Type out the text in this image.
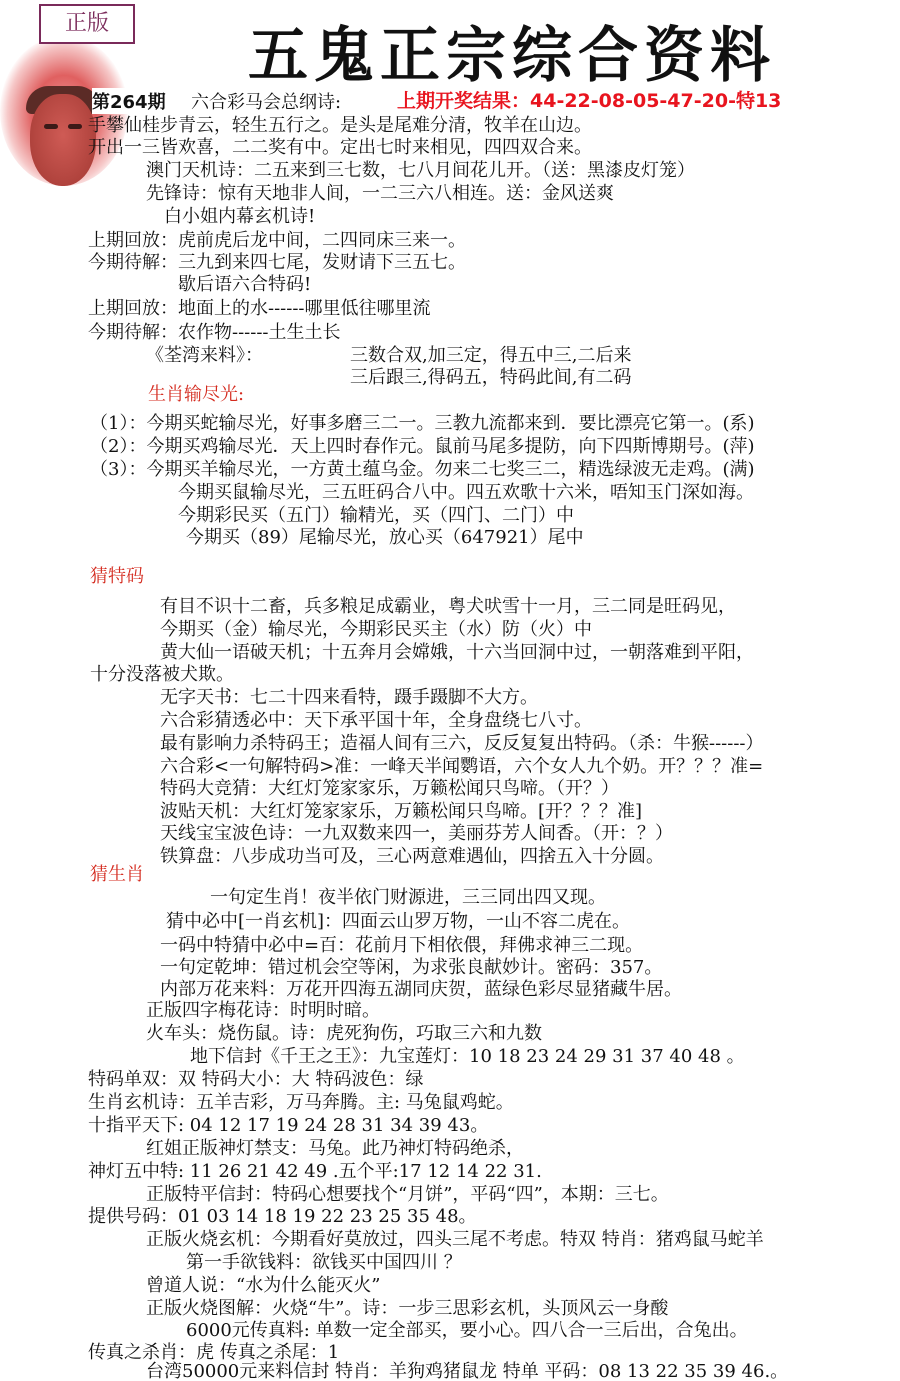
正版	五鬼正宗综合资料
第264期	上期开奖结果：44-22-08-05-47-20-特13
六合彩马会总纲诗:
手攀仙桂步青云，轻生五行之。是头是尾难分清，牧羊在山边。
开出一三皆欢喜，二二奖有中。定出七时来相见，四四双合来。
澳门天机诗：二五来到三七数，七八月间花儿开。（送：黑漆皮灯笼）
先锋诗：惊有天地非人间，一二三六八相连。送：金风送爽
白小姐内幕玄机诗!
上期回放：虎前虎后龙中间，二四同床三来一。
今期待解：三九到来四七尾，发财请下三五七。
歇后语六合特码!
上期回放：地面上的水------哪里低往哪里流
今期待解：农作物------土生土长
《荃湾来料》：	三数合双,加三定，得五中三,二后来
三后跟三,得码五，特码此间,有二码
生肖输尽光:
（1）：今期买蛇输尽光，好事多磨三二一。三教九流都来到．要比漂亮它第一。(系)
（2）：今期买鸡输尽光．天上四时春作元。鼠前马尾多提防，向下四斯博期号。(萍)
（3）：今期买羊输尽光，一方黄土蕴乌金。勿来二七奖三二，精选绿波无走鸡。(满)
今期买鼠输尽光，三五旺码合八中。四五欢歌十六米，唔知玉门深如海。
今期彩民买（五门）输精光，买（四门、二门）中
今期买（89）尾输尽光，放心买（647921）尾中
猜特码
有目不识十二畜，兵多粮足成霸业，粤犬吠雪十一月，三二同是旺码见，
今期买（金）输尽光，今期彩民买主（水）防（火）中
黄大仙一语破天机；十五奔月会嫦娥，十六当回洞中过，一朝落难到平阳，
十分没落被犬欺。
无字天书：七二十四来看特，蹑手蹑脚不大方。
六合彩猜透必中：天下承平国十年，全身盘绕七八寸。
最有影响力杀特码王；造福人间有三六，反反复复出特码。（杀：牛猴------）
六合彩<一句解特码>准：一峰天半闻鹦语，六个女人九个奶。开？？？准=
特码大竞猜：大红灯笼家家乐，万籁松闻只鸟啼。（开？）
波贴天机：大红灯笼家家乐，万籁松闻只鸟啼。[开？？？准]
天线宝宝波色诗：一九双数来四一，美丽芬芳人间香。（开：？）
铁算盘：八步成功当可及，三心两意难遇仙，四捨五入十分圆。
猜生肖
一句定生肖！夜半依门财源进，三三同出四又现。
猜中必中[一肖玄机]：四面云山罗万物，一山不容二虎在。
一码中特猜中必中=百：花前月下相依偎，拜佛求神三二现。
一句定乾坤：错过机会空等闲，为求张良献妙计。密码：357。
内部万花来料：万花开四海五湖同庆贺，蓝绿色彩尽显猪藏牛居。
正版四字梅花诗：时明时暗。
火车头：烧伤鼠。诗：虎死狗伤，巧取三六和九数
地下信封《千王之王》：九宝莲灯：10 18 23 24 29 31 37 40 48 。
特码单双：双 特码大小：大 特码波色：绿
生肖玄机诗：五羊吉彩，万马奔腾。主: 马兔鼠鸡蛇。
十指平天下: 04 12 17 19 24 28 31 34 39 43。
红姐正版神灯禁支：马兔。此乃神灯特码绝杀，
神灯五中特: 11 26 21 42 49 .五个平:17 12 14 22 31.
正版特平信封：特码心想要找个“月饼”，平码“四”，本期：三七。
提供号码：01 03 14 18 19 22 23 25 35 48。
正版火烧玄机：今期看好莫放过，四头三尾不考虑。特双 特肖：猪鸡鼠马蛇羊
第一手欲钱料：欲钱买中国四川 ？
曾道人说：“水为什么能灭火”
正版火烧图解：火烧“牛”。诗：一步三思彩玄机，头顶风云一身酸
6000元传真料: 单数一定全部买，要小心。四八合一三后出，合兔出。
传真之杀肖：虎 传真之杀尾：1
台湾50000元来料信封 特肖：羊狗鸡猪鼠龙 特单 平码：08 13 22 35 39 46.。
